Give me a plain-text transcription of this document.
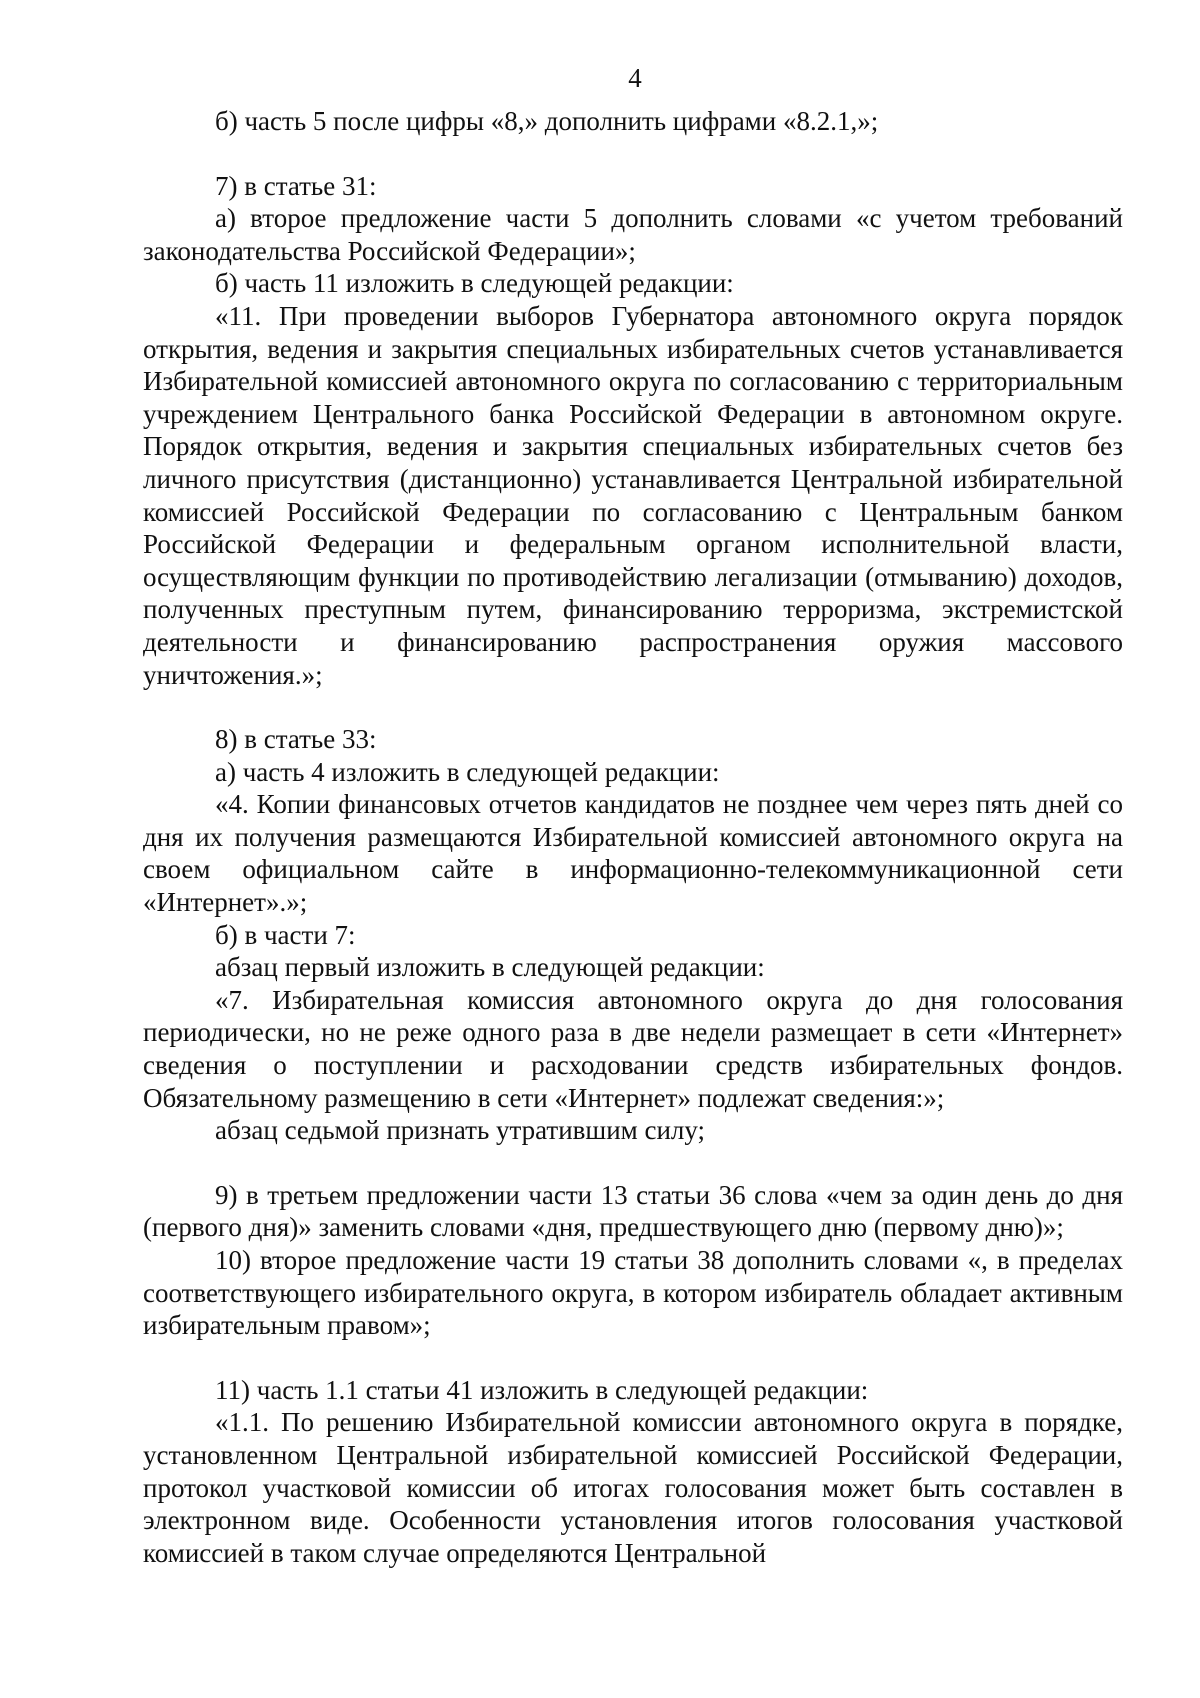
4

б) часть 5 после цифры «8,» дополнить цифрами «8.2.1,»;

7) в статье 31:

а) второе предложение части 5 дополнить словами «с учетом требований законодательства Российской Федерации»;

б) часть 11 изложить в следующей редакции:

«11. При проведении выборов Губернатора автономного округа порядок открытия, ведения и закрытия специальных избирательных счетов устанавливается Избирательной комиссией автономного округа по согласованию с территориальным учреждением Центрального банка Российской Федерации в автономном округе. Порядок открытия, ведения и закрытия специальных избирательных счетов без личного присутствия (дистанционно) устанавливается Центральной избирательной комиссией Российской Федерации по согласованию с Центральным банком Российской Федерации и федеральным органом исполнительной власти, осуществляющим функции по противодействию легализации (отмыванию) доходов, полученных преступным путем, финансированию терроризма, экстремистской деятельности и финансированию распространения оружия массового уничтожения.»;

8) в статье 33:

а) часть 4 изложить в следующей редакции:

«4. Копии финансовых отчетов кандидатов не позднее чем через пять дней со дня их получения размещаются Избирательной комиссией автономного округа на своем официальном сайте в информационно-телекоммуникационной сети «Интернет».»;

б) в части 7:

абзац первый изложить в следующей редакции:

«7. Избирательная комиссия автономного округа до дня голосования периодически, но не реже одного раза в две недели размещает в сети «Интернет» сведения о поступлении и расходовании средств избирательных фондов. Обязательному размещению в сети «Интернет» подлежат сведения:»;

абзац седьмой признать утратившим силу;

9) в третьем предложении части 13 статьи 36 слова «чем за один день до дня (первого дня)» заменить словами «дня, предшествующего дню (первому дню)»;

10) второе предложение части 19 статьи 38 дополнить словами «, в пределах соответствующего избирательного округа, в котором избиратель обладает активным избирательным правом»;

11) часть 1.1 статьи 41 изложить в следующей редакции:

«1.1. По решению Избирательной комиссии автономного округа в порядке, установленном Центральной избирательной комиссией Российской Федерации, протокол участковой комиссии об итогах голосования может быть составлен в электронном виде. Особенности установления итогов голосования участковой комиссией в таком случае определяются Центральной
